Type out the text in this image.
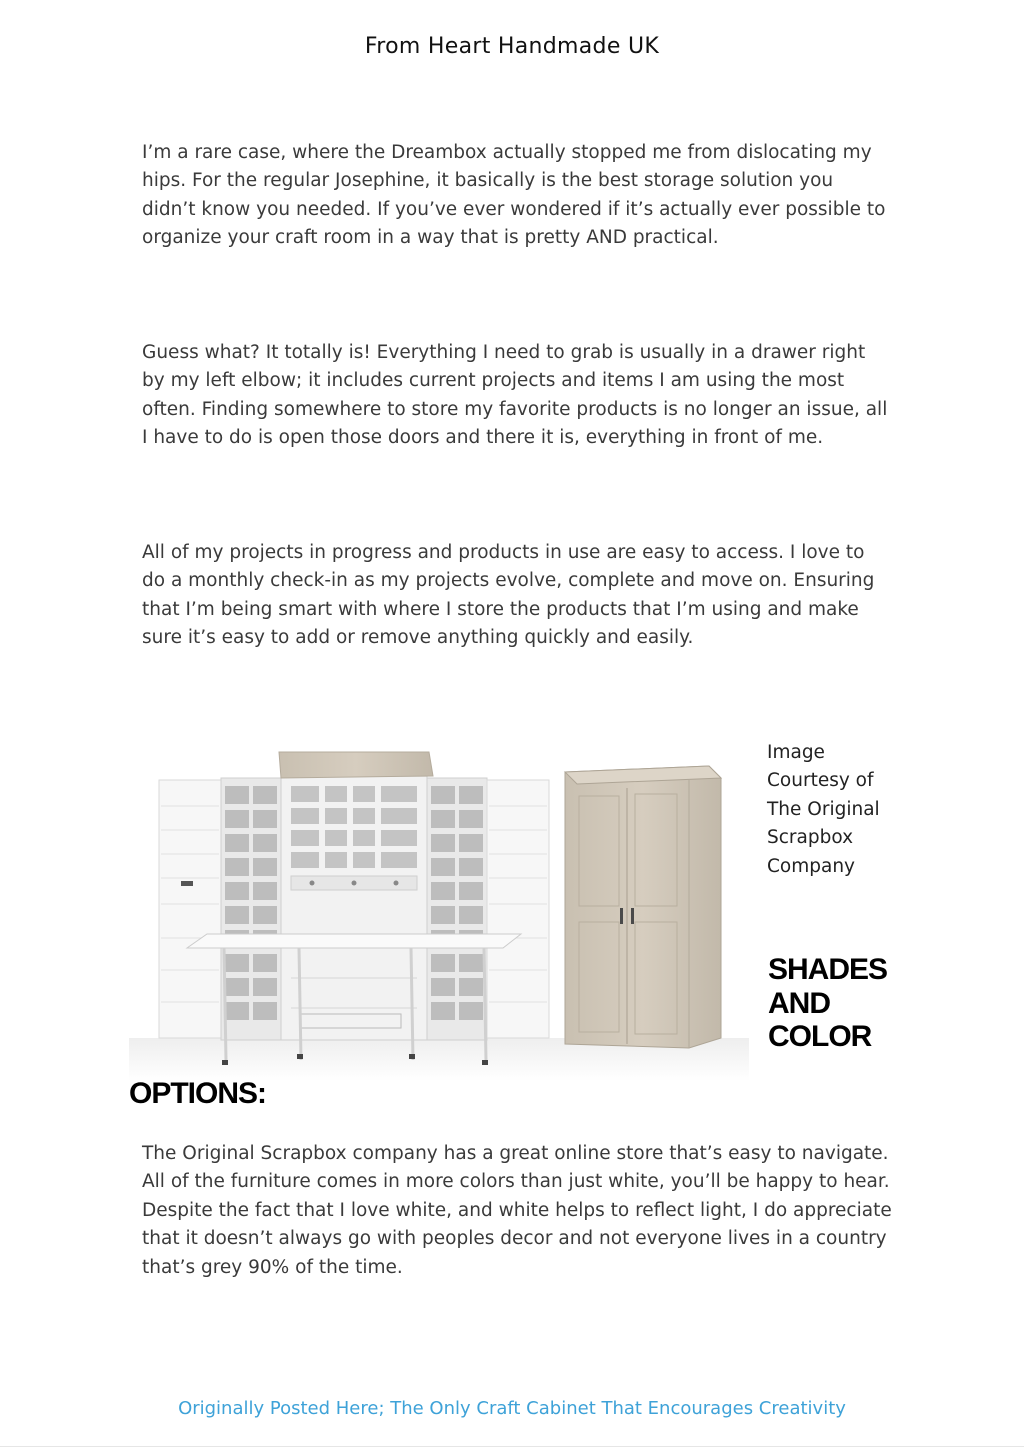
From Heart Handmade UK

I’m a rare case, where the Dreambox actually stopped me from dislocating my hips. For the regular Josephine, it basically is the best storage solution you didn’t know you needed. If you’ve ever wondered if it’s actually ever possible to organize your craft room in a way that is pretty AND practical.

Guess what? It totally is! Everything I need to grab is usually in a drawer right by my left elbow; it includes current projects and items I am using the most often. Finding somewhere to store my favorite products is no longer an issue, all I have to do is open those doors and there it is, everything in front of me.

All of my projects in progress and products in use are easy to access. I love to do a monthly check-in as my projects evolve, complete and move on. Ensuring that I’m being smart with where I store the products that I’m using and make sure it’s easy to add or remove anything quickly and easily.

Image Courtesy of The Original Scrapbox Company

SHADES AND COLOR
OPTIONS:

The Original Scrapbox company has a great online store that’s easy to navigate. All of the furniture comes in more colors than just white, you’ll be happy to hear. Despite the fact that I love white, and white helps to reflect light, I do appreciate that it doesn’t always go with peoples decor and not everyone lives in a country that’s grey 90% of the time.

Originally Posted Here; The Only Craft Cabinet That Encourages Creativity
